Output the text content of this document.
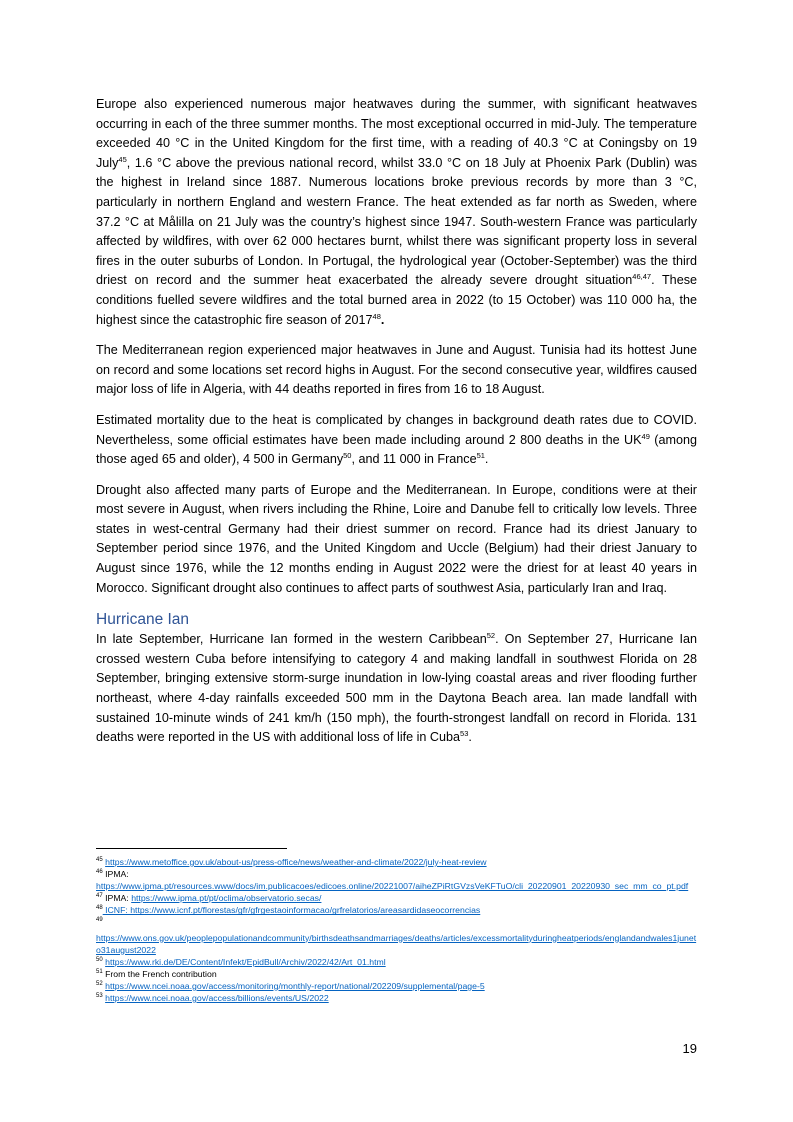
Europe also experienced numerous major heatwaves during the summer, with significant heatwaves occurring in each of the three summer months. The most exceptional occurred in mid-July. The temperature exceeded 40 °C in the United Kingdom for the first time, with a reading of 40.3 °C at Coningsby on 19 July$^{45}$, 1.6 °C above the previous national record, whilst 33.0 °C on 18 July at Phoenix Park (Dublin) was the highest in Ireland since 1887. Numerous locations broke previous records by more than 3 °C, particularly in northern England and western France. The heat extended as far north as Sweden, where 37.2 °C at Målilla on 21 July was the country’s highest since 1947. South-western France was particularly affected by wildfires, with over 62 000 hectares burnt, whilst there was significant property loss in several fires in the outer suburbs of London. In Portugal, the hydrological year (October-September) was the third driest on record and the summer heat exacerbated the already severe drought situation$^{46,47}$. These conditions fuelled severe wildfires and the total burned area in 2022 (to 15 October) was 110 000 ha, the highest since the catastrophic fire season of 2017$^{48}$.

The Mediterranean region experienced major heatwaves in June and August. Tunisia had its hottest June on record and some locations set record highs in August. For the second consecutive year, wildfires caused major loss of life in Algeria, with 44 deaths reported in fires from 16 to 18 August.

Estimated mortality due to the heat is complicated by changes in background death rates due to COVID. Nevertheless, some official estimates have been made including around 2 800 deaths in the UK$^{49}$ (among those aged 65 and older), 4 500 in Germany$^{50}$, and 11 000 in France$^{51}$.

Drought also affected many parts of Europe and the Mediterranean. In Europe, conditions were at their most severe in August, when rivers including the Rhine, Loire and Danube fell to critically low levels. Three states in west-central Germany had their driest summer on record. France had its driest January to September period since 1976, and the United Kingdom and Uccle (Belgium) had their driest January to August since 1976, while the 12 months ending in August 2022 were the driest for at least 40 years in Morocco. Significant drought also continues to affect parts of southwest Asia, particularly Iran and Iraq.

Hurricane Ian

In late September, Hurricane Ian formed in the western Caribbean$^{52}$. On September 27, Hurricane Ian crossed western Cuba before intensifying to category 4 and making landfall in southwest Florida on 28 September, bringing extensive storm-surge inundation in low-lying coastal areas and river flooding further northeast, where 4-day rainfalls exceeded 500 mm in the Daytona Beach area. Ian made landfall with sustained 10-minute winds of 241 km/h (150 mph), the fourth-strongest landfall on record in Florida. 131 deaths were reported in the US with additional loss of life in Cuba$^{53}$.

$^{45}$ https://www.metoffice.gov.uk/about-us/press-office/news/weather-and-climate/2022/july-heat-review

$^{46}$ IPMA:

https://www.ipma.pt/resources.www/docs/im.publicacoes/edicoes.online/20221007/aiheZPiRtGVzsVeKFTuO/cli_20220901_20220930_sec_mm_co_pt.pdf

$^{47}$ IPMA: https://www.ipma.pt/pt/oclima/observatorio.secas/

$^{48}$ ICNF: https://www.icnf.pt/florestas/gfr/gfrgestaoinformacao/grfrelatorios/areasardidaseocorrencias

$^{49}$

https://www.ons.gov.uk/peoplepopulationandcommunity/birthsdeathsandmarriages/deaths/articles/excessmortalityduringheatperiods/englandandwales1juneto31august2022

$^{50}$ https://www.rki.de/DE/Content/Infekt/EpidBull/Archiv/2022/42/Art_01.html

$^{51}$ From the French contribution

$^{52}$ https://www.ncei.noaa.gov/access/monitoring/monthly-report/national/202209/supplemental/page-5

$^{53}$ https://www.ncei.noaa.gov/access/billions/events/US/2022

19
